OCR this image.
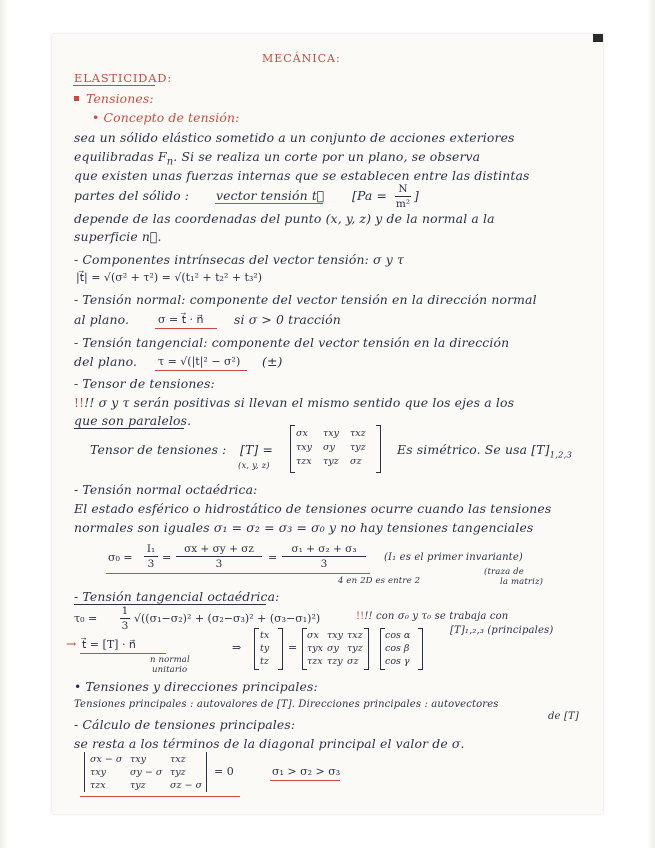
MECÁNICA:
ELASTICIDAD:
Tensiones:
• Concepto de tensión:
sea un sólido elástico sometido a un conjunto de acciones exteriores
equilibradas $F_n$. Si se realiza un corte por un plano, se observa
que existen unas fuerzas internas que se establecen entre las distintas
partes del sólido : vector tensión t⃗ [Pa =	N
m²
]
depende de las coordenadas del punto (x, y, z) y de la normal a la
superficie n⃗.
- Componentes intrínsecas del vector tensión: σ y τ
|t⃗| = √(σ² + τ²) = √(t₁² + t₂² + t₃²)
- Tensión normal: componente del vector tensión en la dirección normal
al plano.	σ = t⃗ · n⃗ si σ > 0 tracción
- Tensión tangencial: componente del vector tensión en la dirección
del plano. τ = √(|t|² − σ²) (±)
- Tensor de tensiones:
!!!! σ y τ serán positivas si llevan el mismo sentido que los ejes a los
que son paralelos.
Tensor de tensiones : [T] =
(x, y, z)
σx τxy τxz
τxy σy τyz
τzx τyz σz
Es simétrico. Se usa $[T]_{1,2,3}$
- Tensión normal octaédrica:
El estado esférico o hidrostático de tensiones ocurre cuando las tensiones
normales son iguales σ₁ = σ₂ = σ₃ = σ₀ y no hay tensiones tangenciales
σ₀ =
I₁
3 =
σx + σy + σz
3	=
σ₁ + σ₂ + σ₃
3
(I₁ es el primer invariante)
4 en 2D es entre 2
(traza de
la matriz)
- Tensión tangencial octaédrica:
τ₀ =
1
3
√((σ₁−σ₂)² + (σ₂−σ₃)² + (σ₃−σ₁)²)	!!!! con σ₀ y τ₀ se trabaja con
[T]₁,₂,₃ (principales)
→ t⃗ = [T] · n⃗
n normal
unitario
⇒
tx
ty
tz
=
σx τxy τxz
τyx σy τyz
τzx τzy σz
cos α
cos β
cos γ
• Tensiones y direcciones principales:
Tensiones principales : autovalores de [T]. Direcciones principales : autovectores
de [T]
- Cálculo de tensiones principales:
se resta a los términos de la diagonal principal el valor de σ.
σx − σ τxy	τxz
τxy	σy − σ τyz
τzx	τyz	σz − σ
= 0	σ₁ > σ₂ > σ₃
